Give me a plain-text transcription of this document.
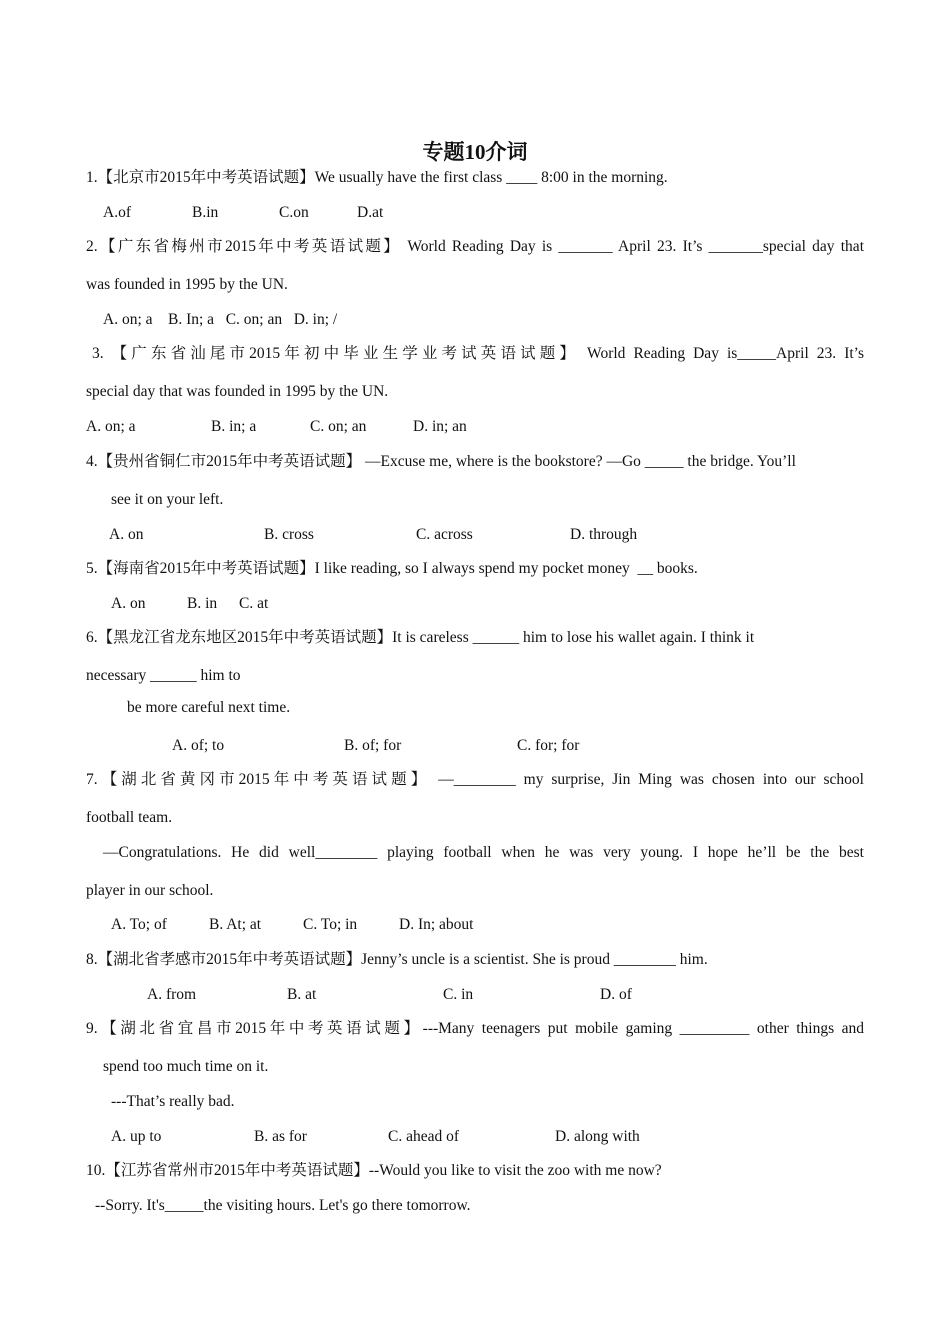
专题10介词
1.【北京市2015年中考英语试题】We usually have the first class ____ 8:00 in the morning.
A.of	B.in	C.on	D.at
2.【广东省梅州市2015年中考英语试题】 World Reading Day is _______ April 23. It’s _______special day that
was founded in 1995 by the UN.
A. on; a    B. In; a   C. on; an   D. in; /
3. 【广东省汕尾市2015年初中毕业生学业考试英语试题】 World Reading Day is_____April 23. It’s
special day that was founded in 1995 by the UN.
A. on; a	B. in; a	C. on; an	D. in; an
4.【贵州省铜仁市2015年中考英语试题】 —Excuse me, where is the bookstore? —Go _____ the bridge. You’ll
see it on your left.
A. on	B. cross	C. across	D. through
5.【海南省2015年中考英语试题】I like reading, so I always spend my pocket money  __ books.
A. on	B. in C. at
6.【黑龙江省龙东地区2015年中考英语试题】It is careless ______ him to lose his wallet again. I think it
necessary ______ him to
be more careful next time.
A. of; to	B. of; for	C. for; for
7.【湖北省黄冈市2015年中考英语试题】 —________ my surprise, Jin Ming was chosen into our school
football team.
—Congratulations. He did well________ playing football when he was very young. I hope he’ll be the best
player in our school.
A. To; of	B. At; at	C. To; in	D. In; about
8.【湖北省孝感市2015年中考英语试题】Jenny’s uncle is a scientist. She is proud ________ him.
A. from	B. at	C. in	D. of
9.【湖北省宜昌市2015年中考英语试题】---Many teenagers put mobile gaming _________ other things and
spend too much time on it.
---That’s really bad.
A. up to	B. as for	C. ahead of	D. along with
10.【江苏省常州市2015年中考英语试题】--Would you like to visit the zoo with me now?
--Sorry. It's_____the visiting hours. Let's go there tomorrow.
